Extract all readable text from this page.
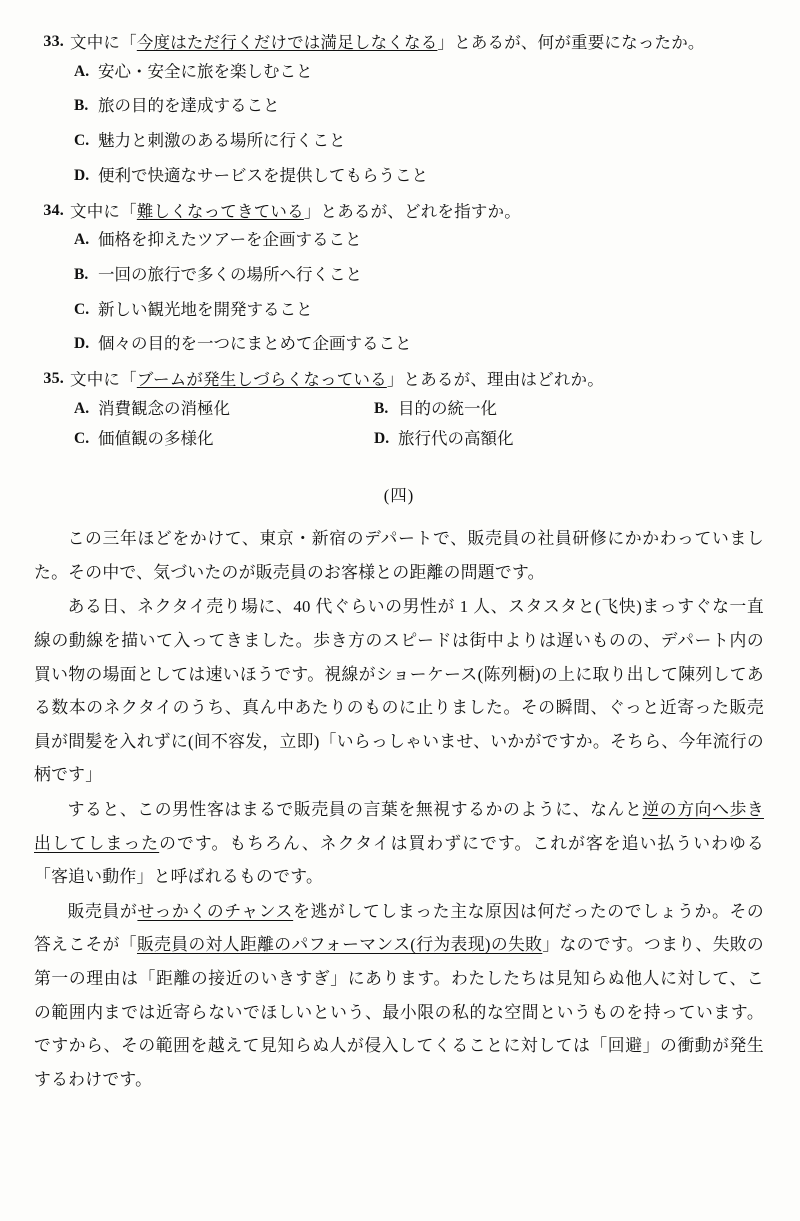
33. 文中に「今度はただ行くだけでは満足しなくなる」とあるが、何が重要になったか。
A. 安心・安全に旅を楽しむこと
B. 旅の目的を達成すること
C. 魅力と刺激のある場所に行くこと
D. 便利で快適なサービスを提供してもらうこと
34. 文中に「難しくなってきている」とあるが、どれを指すか。
A. 価格を抑えたツアーを企画すること
B. 一回の旅行で多くの場所へ行くこと
C. 新しい観光地を開発すること
D. 個々の目的を一つにまとめて企画すること
35. 文中に「ブームが発生しづらくなっている」とあるが、理由はどれか。
A. 消費観念の消極化	B. 目的の統一化
C. 価値観の多様化	D. 旅行代の高額化
(四)

この三年ほどをかけて、東京・新宿のデパートで、販売員の社員研修にかかわっていました。その中で、気づいたのが販売員のお客様との距離の問題です。

ある日、ネクタイ売り場に、40 代ぐらいの男性が 1 人、スタスタと(飞快)まっすぐな一直線の動線を描いて入ってきました。歩き方のスピードは街中よりは遅いものの、デパート内の買い物の場面としては速いほうです。視線がショーケース(陈列橱)の上に取り出して陳列してある数本のネクタイのうち、真ん中あたりのものに止りました。その瞬間、ぐっと近寄った販売員が間髪を入れずに(间不容发，立即)「いらっしゃいませ、いかがですか。そちら、今年流行の柄です」

すると、この男性客はまるで販売員の言葉を無視するかのように、なんと逆の方向へ歩き出してしまったのです。もちろん、ネクタイは買わずにです。これが客を追い払ういわゆる「客追い動作」と呼ばれるものです。

販売員がせっかくのチャンスを逃がしてしまった主な原因は何だったのでしょうか。その答えこそが「販売員の対人距離のパフォーマンス(行为表现)の失敗」なのです。つまり、失敗の第一の理由は「距離の接近のいきすぎ」にあります。わたしたちは見知らぬ他人に対して、この範囲内までは近寄らないでほしいという、最小限の私的な空間というものを持っています。ですから、その範囲を越えて見知らぬ人が侵入してくることに対しては「回避」の衝動が発生するわけです。
